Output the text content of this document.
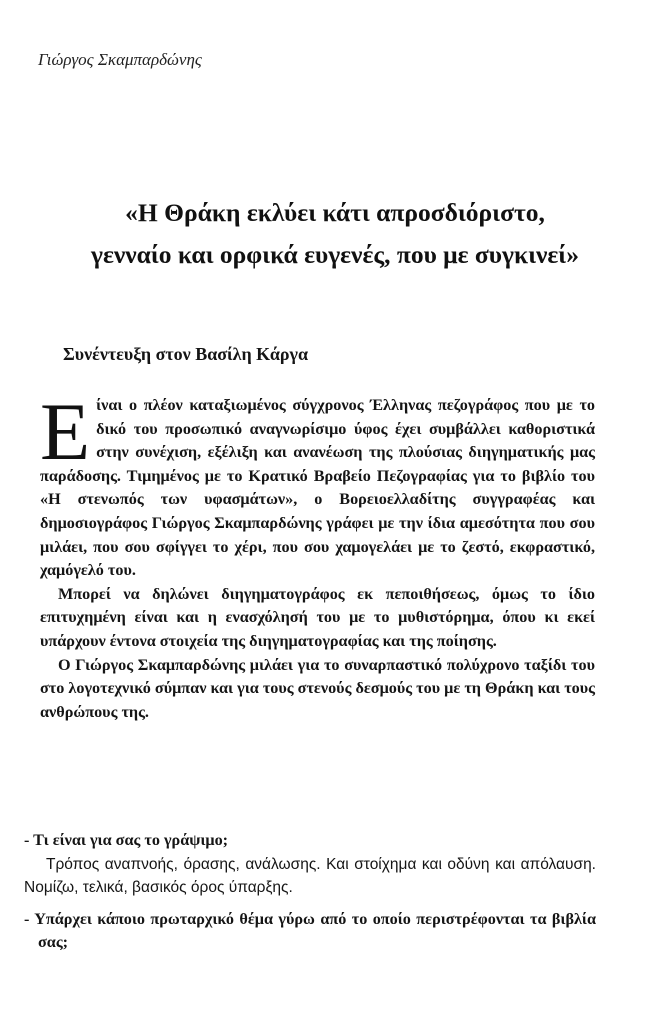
Γιώργος Σκαμπαρδώνης
«Η Θράκη εκλύει κάτι απροσδιόριστο,
γενναίο και ορφικά ευγενές, που με συγκινεί»
Συνέντευξη στον Βασίλη Κάργα

Είναι ο πλέον καταξιωμένος σύγχρονος Έλληνας πεζογράφος που με το δικό του προσωπικό αναγνωρίσιμο ύφος έχει συμβάλλει καθοριστικά στην συνέχιση, εξέλιξη και ανανέωση της πλούσιας διηγηματικής μας παράδοσης. Τιμημένος με το Κρατικό Βραβείο Πεζογραφίας για το βιβλίο του «Η στενωπός των υφασμάτων», ο Βορειοελλαδίτης συγγραφέας και δημοσιογράφος Γιώργος Σκαμπαρδώνης γράφει με την ίδια αμεσότητα που σου μιλάει, που σου σφίγγει το χέρι, που σου χαμογελάει με το ζεστό, εκφραστικό, χαμόγελό του.

Μπορεί να δηλώνει διηγηματογράφος εκ πεποιθήσεως, όμως το ίδιο επιτυχημένη είναι και η ενασχόλησή του με το μυθιστόρημα, όπου κι εκεί υπάρχουν έντονα στοιχεία της διηγηματογραφίας και της ποίησης.

Ο Γιώργος Σκαμπαρδώνης μιλάει για το συναρπαστικό πολύχρονο ταξίδι του στο λογοτεχνικό σύμπαν και για τους στενούς δεσμούς του με τη Θράκη και τους ανθρώπους της.

- Τι είναι για σας το γράψιμο;

Τρόπος αναπνοής, όρασης, ανάλωσης. Και στοίχημα και οδύνη και απόλαυση. Νομίζω, τελικά, βασικός όρος ύπαρξης.

- Υπάρχει κάποιο πρωταρχικό θέμα γύρω από το οποίο περιστρέφονται τα βιβλία σας;
